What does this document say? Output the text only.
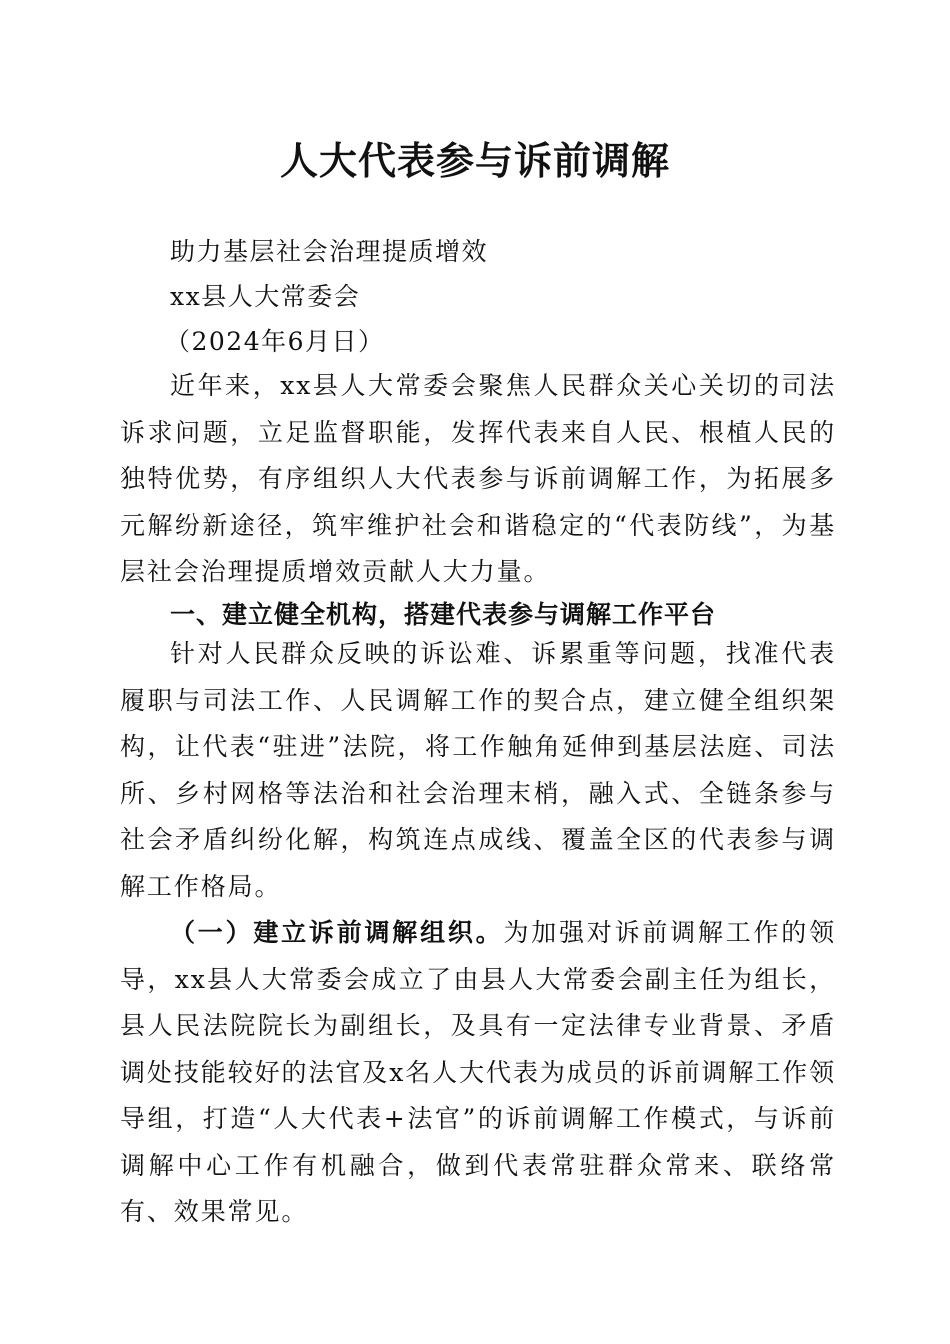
人大代表参与诉前调解
助力基层社会治理提质增效
xx县人大常委会
（2024年6月日）

近年来，xx县人大常委会聚焦人民群众关心关切的司法诉求问题，立足监督职能，发挥代表来自人民、根植人民的独特优势，有序组织人大代表参与诉前调解工作，为拓展多元解纷新途径，筑牢维护社会和谐稳定的“代表防线”，为基层社会治理提质增效贡献人大力量。

一、建立健全机构，搭建代表参与调解工作平台

针对人民群众反映的诉讼难、诉累重等问题，找准代表履职与司法工作、人民调解工作的契合点，建立健全组织架构，让代表“驻进”法院，将工作触角延伸到基层法庭、司法所、乡村网格等法治和社会治理末梢，融入式、全链条参与社会矛盾纠纷化解，构筑连点成线、覆盖全区的代表参与调解工作格局。

（一）建立诉前调解组织。为加强对诉前调解工作的领导，xx县人大常委会成立了由县人大常委会副主任为组长，县人民法院院长为副组长，及具有一定法律专业背景、矛盾调处技能较好的法官及x名人大代表为成员的诉前调解工作领导组，打造“人大代表+法官”的诉前调解工作模式，与诉前调解中心工作有机融合，做到代表常驻群众常来、联络常有、效果常见。
